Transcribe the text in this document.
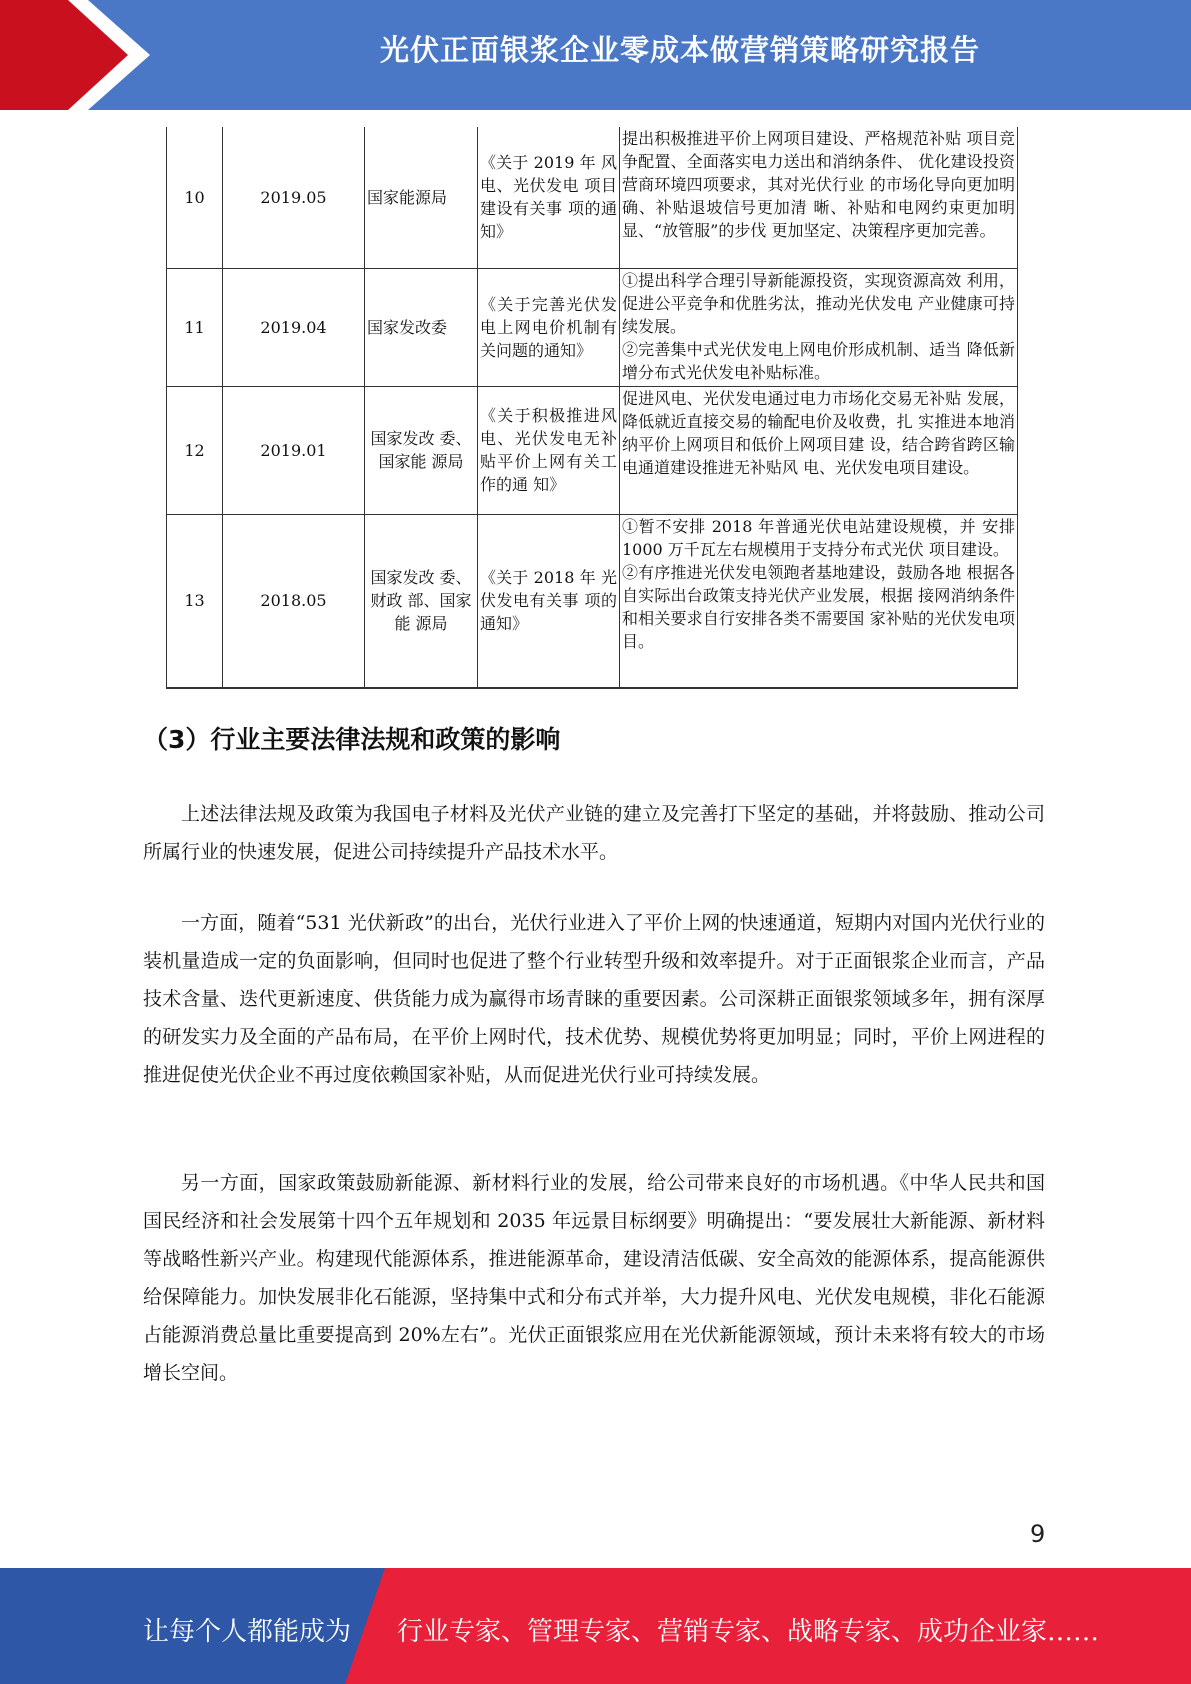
光伏正面银浆企业零成本做营销策略研究报告
10	2019.05	国家能源局	《关于 2019 年 风电、光伏发电 项目建设有关事 项的通知》	提出积极推进平价上网项目建设、严格规范补贴 项目竞争配置、全面落实电力送出和消纳条件、 优化建设投资营商环境四项要求，其对光伏行业 的市场化导向更加明确、补贴退坡信号更加清 晰、补贴和电网约束更加明显、“放管服”的步伐 更加坚定、决策程序更加完善。
11	2019.04	国家发改委	《关于完善光伏发电上网电价机制有关问题的通知》	①提出科学合理引导新能源投资，实现资源高效 利用，促进公平竞争和优胜劣汰，推动光伏发电 产业健康可持续发展。
②完善集中式光伏发电上网电价形成机制、适当 降低新增分布式光伏发电补贴标准。

12	2019.01	国家发改 委、国家能 源局	《关于积极推进风电、光伏发电无补贴平价上网有关工作的通 知》	促进风电、光伏发电通过电力市场化交易无补贴 发展，降低就近直接交易的输配电价及收费，扎 实推进本地消纳平价上网项目和低价上网项目建 设，结合跨省跨区输电通道建设推进无补贴风 电、光伏发电项目建设。
13	2018.05	国家发改 委、财政 部、国家能 源局	《关于 2018 年 光伏发电有关事 项的通知》	①暂不安排 2018 年普通光伏电站建设规模，并 安排 1000 万千瓦左右规模用于支持分布式光伏 项目建设。
②有序推进光伏发电领跑者基地建设，鼓励各地 根据各自实际出台政策支持光伏产业发展，根据 接网消纳条件和相关要求自行安排各类不需要国 家补贴的光伏发电项目。
（3）行业主要法律法规和政策的影响

上述法律法规及政策为我国电子材料及光伏产业链的建立及完善打下坚定的基础，并将鼓励、推动公司所属行业的快速发展，促进公司持续提升产品技术水平。

一方面，随着“531 光伏新政”的出台，光伏行业进入了平价上网的快速通道，短期内对国内光伏行业的装机量造成一定的负面影响，但同时也促进了整个行业转型升级和效率提升。对于正面银浆企业而言，产品技术含量、迭代更新速度、供货能力成为赢得市场青睐的重要因素。公司深耕正面银浆领域多年，拥有深厚的研发实力及全面的产品布局，在平价上网时代，技术优势、规模优势将更加明显；同时，平价上网进程的推进促使光伏企业不再过度依赖国家补贴，从而促进光伏行业可持续发展。

另一方面，国家政策鼓励新能源、新材料行业的发展，给公司带来良好的市场机遇。《中华人民共和国国民经济和社会发展第十四个五年规划和 2035 年远景目标纲要》明确提出：“要发展壮大新能源、新材料等战略性新兴产业。构建现代能源体系，推进能源革命，建设清洁低碳、安全高效的能源体系，提高能源供给保障能力。加快发展非化石能源，坚持集中式和分布式并举，大力提升风电、光伏发电规模，非化石能源占能源消费总量比重要提高到 20%左右”。光伏正面银浆应用在光伏新能源领域，预计未来将有较大的市场增长空间。

9
让每个人都能成为 行业专家、管理专家、营销专家、战略专家、成功企业家……
